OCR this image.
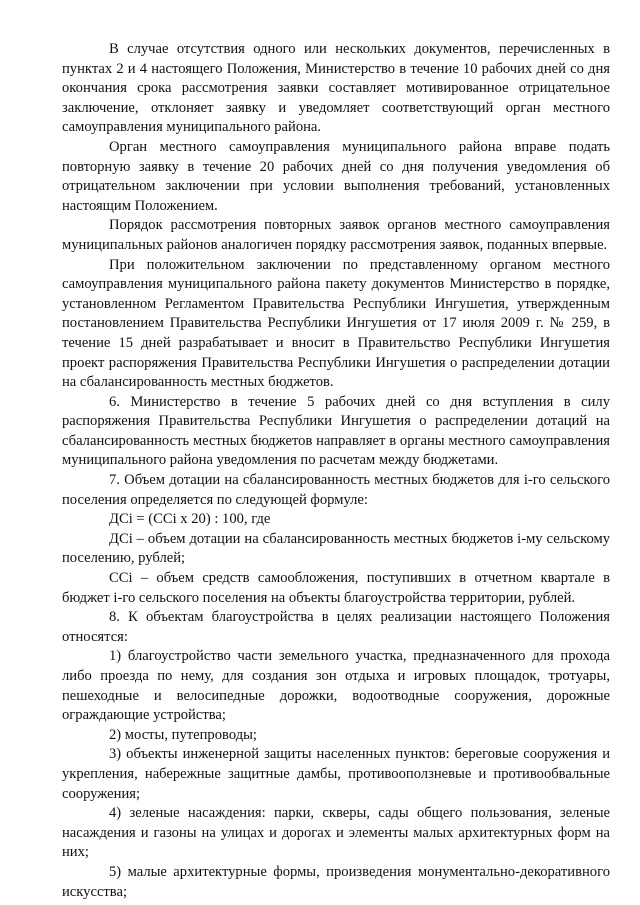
В случае отсутствия одного или нескольких документов, перечисленных в пунктах 2 и 4 настоящего Положения, Министерство в течение 10 рабочих дней со дня окончания срока рассмотрения заявки составляет мотивированное отрицательное заключение, отклоняет заявку и уведомляет соответствующий орган местного самоуправления муниципального района.

Орган местного самоуправления муниципального района вправе подать повторную заявку в течение 20 рабочих дней со дня получения уведомления об отрицательном заключении при условии выполнения требований, установленных настоящим Положением.

Порядок рассмотрения повторных заявок органов местного самоуправления муниципальных районов аналогичен порядку рассмотрения заявок, поданных впервые.

При положительном заключении по представленному органом местного самоуправления муниципального района пакету документов Министерство в порядке, установленном Регламентом Правительства Республики Ингушетия, утвержденным постановлением Правительства Республики Ингушетия от 17 июля 2009 г. № 259, в течение 15 дней разрабатывает и вносит в Правительство Республики Ингушетия проект распоряжения Правительства Республики Ингушетия о распределении дотации на сбалансированность местных бюджетов.

6. Министерство в течение 5 рабочих дней со дня вступления в силу распоряжения Правительства Республики Ингушетия о распределении дотаций на сбалансированность местных бюджетов направляет в органы местного самоуправления муниципального района уведомления по расчетам между бюджетами.

7. Объем дотации на сбалансированность местных бюджетов для i-го сельского поселения определяется по следующей формуле:

ДСi = (ССi х 20) : 100, где

ДСi – объем дотации на сбалансированность местных бюджетов i-му сельскому поселению, рублей;

ССi – объем средств самообложения, поступивших в отчетном квартале в бюджет i-го сельского поселения на объекты благоустройства территории, рублей.

8. К объектам благоустройства в целях реализации настоящего Положения относятся:

1) благоустройство части земельного участка, предназначенного для прохода либо проезда по нему, для создания зон отдыха и игровых площадок, тротуары, пешеходные и велосипедные дорожки, водоотводные сооружения, дорожные ограждающие устройства;

2) мосты, путепроводы;

3) объекты инженерной защиты населенных пунктов: береговые сооружения и укрепления, набережные защитные дамбы, противооползневые и противообвальные сооружения;

4) зеленые насаждения: парки, скверы, сады общего пользования, зеленые насаждения и газоны на улицах и дорогах и элементы малых архитектурных форм на них;

5) малые архитектурные формы, произведения монументально-декоративного искусства;
